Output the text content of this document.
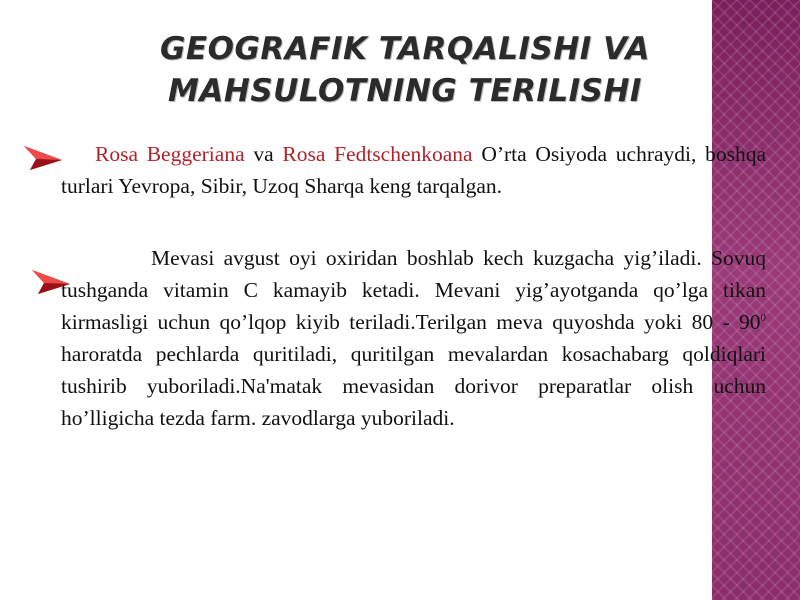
GEOGRAFIK TARQALISHI VA
MAHSULOTNING TERILISHI

Rosa Beggeriana va Rosa Fedtschenkoana O’rta Osiyoda uchraydi, boshqa turlari Yevropa, Sibir, Uzoq Sharqa keng tarqalgan.

Mevasi avgust oyi oxiridan boshlab kech kuzgacha yig’iladi. Sovuq tushganda vitamin C kamayib ketadi. Mevani yig’ayotganda qo’lga tikan kirmasligi uchun qo’lqop kiyib teriladi.Terilgan meva quyoshda yoki $80 - 90^0$ haroratda pechlarda quritiladi, quritilgan mevalardan kosachabarg qoldiqlari tushirib yuboriladi.Na'matak mevasidan dorivor preparatlar olish uchun ho’lligicha tezda farm. zavodlarga yuboriladi.
